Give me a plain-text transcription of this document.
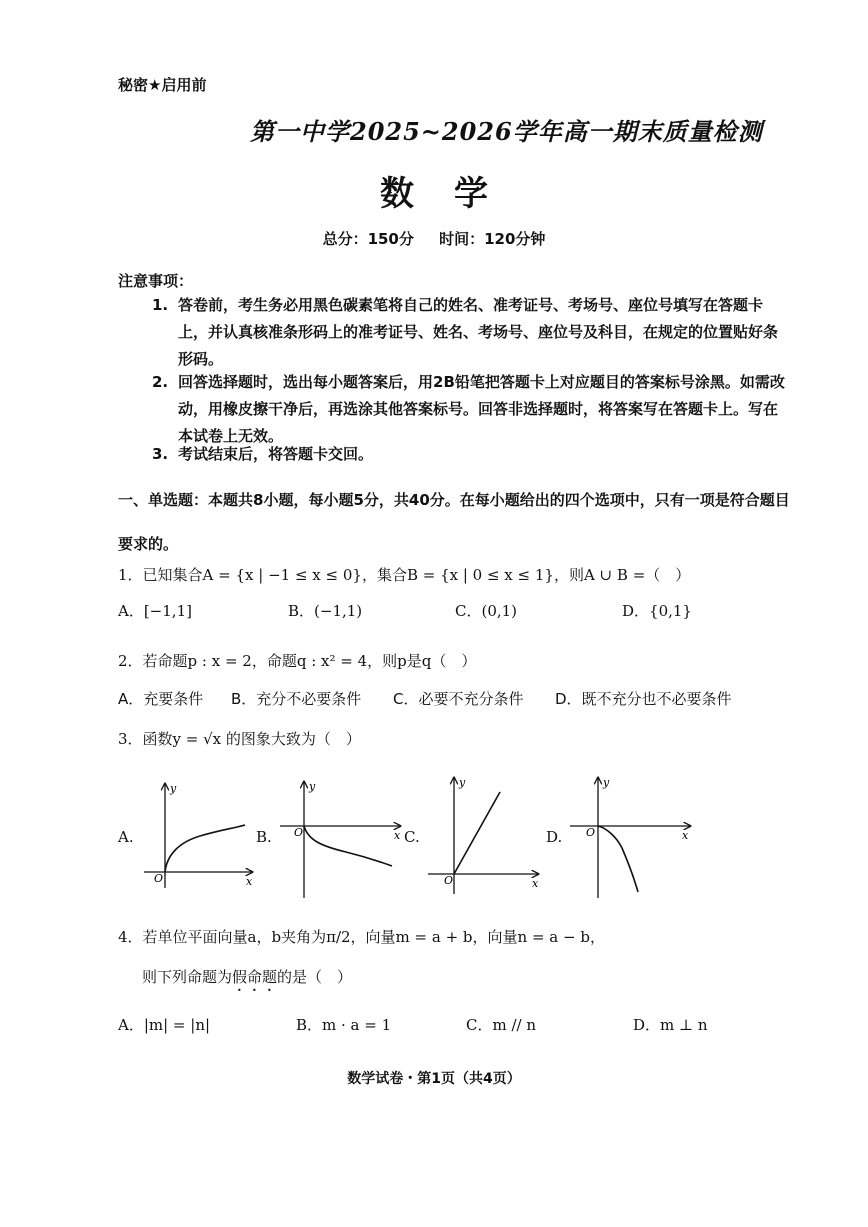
秘密★启用前
第一中学2025~2026学年高一期末质量检测
数学
总分：150分 时间：120分钟
注意事项：
1. 答卷前，考生务必用黑色碳素笔将自己的姓名、准考证号、考场号、座位号填写在答题卡上，并认真核准条形码上的准考证号、姓名、考场号、座位号及科目，在规定的位置贴好条形码。
2. 回答选择题时，选出每小题答案后，用2B铅笔把答题卡上对应题目的答案标号涂黑。如需改动，用橡皮擦干净后，再选涂其他答案标号。回答非选择题时，将答案写在答题卡上。写在本试卷上无效。
3. 考试结束后，将答题卡交回。
一、单选题：本题共8小题，每小题5分，共40分。在每小题给出的四个选项中，只有一项是符合题目要求的。
1．已知集合A = {x | −1 ≤ x ≤ 0}，集合B = {x | 0 ≤ x ≤ 1}，则A ∪ B =（　）
A．[−1,1]	B．(−1,1)	C．(0,1)	D．{0,1}
2．若命题p : x = 2，命题q : x² = 4，则p是q（　）
A．充要条件 B．充分不必要条件 C．必要不充分条件 D．既不充分也不必要条件
3．函数y = √x 的图象大致为（　）
A.
y
x
O
B.
y
x
O	C.
y
x
O
D.
y
x
O
4．若单位平面向量a，b夹角为π/2，向量m = a + b，向量n = a − b，
则下列命题为假命题的是（　）
A．|m| = |n|	B．m · a = 1	C．m // n	D．m ⊥ n
数学试卷・第1页（共4页）
